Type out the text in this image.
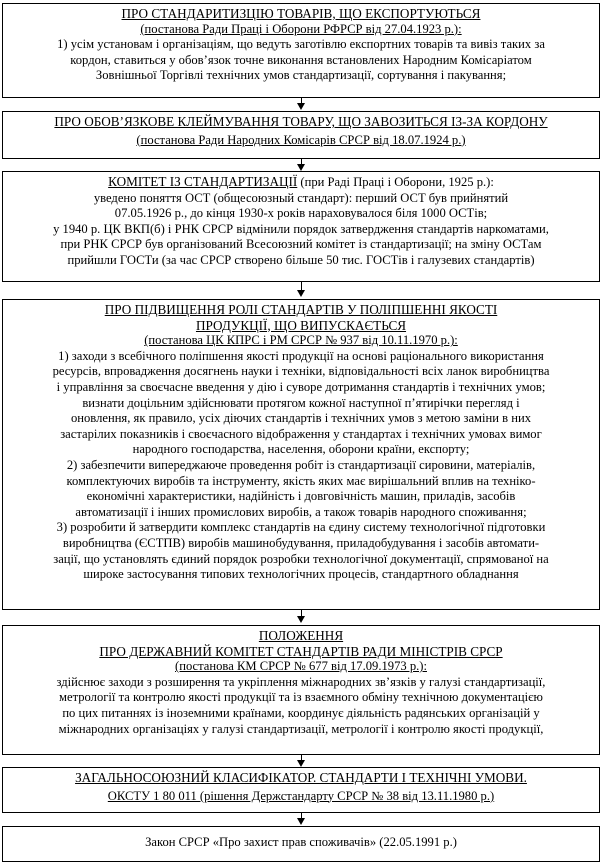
ПРО СТАНДАРИТИЗЦІЮ ТОВАРІВ, ЩО ЕКСПОРТУЮТЬСЯ
(постанова Ради Праці і Оборони РФРСР від 27.04.1923 р.):
1) усім установам і організаціям, що ведуть заготівлю експортних товарів та вивіз таких за
кордон, ставиться у обов’язок точне виконання встановлених Народним Комісаріатом
Зовнішньої Торгівлі технічних умов стандартизації, сортування і пакування;
ПРО ОБОВ’ЯЗКОВЕ КЛЕЙМУВАННЯ ТОВАРУ, ЩО ЗАВОЗИТЬСЯ ІЗ-ЗА КОРДОНУ
(постанова Ради Народних Комісарів СРСР від 18.07.1924 р.)
КОМІТЕТ ІЗ СТАНДАРТИЗАЦІЇ (при Раді Праці і Оборони, 1925 р.):
уведено поняття ОСТ (общесоюзный стандарт): перший ОСТ був прийнятий
07.05.1926 р., до кінця 1930-х років нараховувалося біля 1000 ОСТів;
у 1940 р. ЦК ВКП(б) і РНК СРСР відмінили порядок затвердження стандартів наркоматами,
при РНК СРСР був організований Всесоюзний комітет із стандартизації; на зміну ОСТам
прийшли ГОСТи (за час СРСР створено більше 50 тис. ГОСТів і галузевих стандартів)
ПРО ПІДВИЩЕННЯ РОЛІ СТАНДАРТІВ У ПОЛІПШЕННІ ЯКОСТІ
ПРОДУКЦІЇ, ЩО ВИПУСКАЄТЬСЯ
(постанова ЦК КПРС і РМ СРСР № 937 від 10.11.1970 р.):
1) заходи з всебічного поліпшення якості продукції на основі раціонального використання
ресурсів, впровадження досягнень науки і техніки, відповідальності всіх ланок виробництва
і управління за своєчасне введення у дію і суворе дотримання стандартів і технічних умов;
визнати доцільним здійснювати протягом кожної наступної п’ятирічки перегляд і
оновлення, як правило, усіх діючих стандартів і технічних умов з метою заміни в них
застарілих показників і своєчасного відображення у стандартах і технічних умовах вимог
народного господарства, населення, оборони країни, експорту;
2) забезпечити випереджаюче проведення робіт із стандартизації сировини, матеріалів,
комплектуючих виробів та інструменту, якість яких має вирішальний вплив на техніко-
економічні характеристики, надійність і довговічність машин, приладів, засобів
автоматизації і інших промислових виробів, а також товарів народного споживання;
3) розробити й затвердити комплекс стандартів на єдину систему технологічної підготовки
виробництва (ЄСТПВ) виробів машинобудування, приладобудування і засобів автомати-
зації, що установлять єдиний порядок розробки технологічної документації, спрямованої на
широке застосування типових технологічних процесів, стандартного обладнання
ПОЛОЖЕННЯ
ПРО ДЕРЖАВНИЙ КОМІТЕТ СТАНДАРТІВ РАДИ МІНІСТРІВ СРСР
(постанова КМ СРСР № 677 від 17.09.1973 р.):
здійснює заходи з розширення та укріплення міжнародних зв’язків у галузі стандартизації,
метрології та контролю якості продукції та із взаємного обміну технічною документацією
по цих питаннях із іноземними країнами, координує діяльність радянських організацій у
міжнародних організаціях у галузі стандартизації, метрології і контролю якості продукції,
ЗАГАЛЬНОСОЮЗНИЙ КЛАСИФІКАТОР. СТАНДАРТИ І ТЕХНІЧНІ УМОВИ.
ОКСТУ 1 80 011 (рішення Держстандарту СРСР № 38 від 13.11.1980 р.)
Закон СРСР «Про захист прав споживачів» (22.05.1991 р.)
